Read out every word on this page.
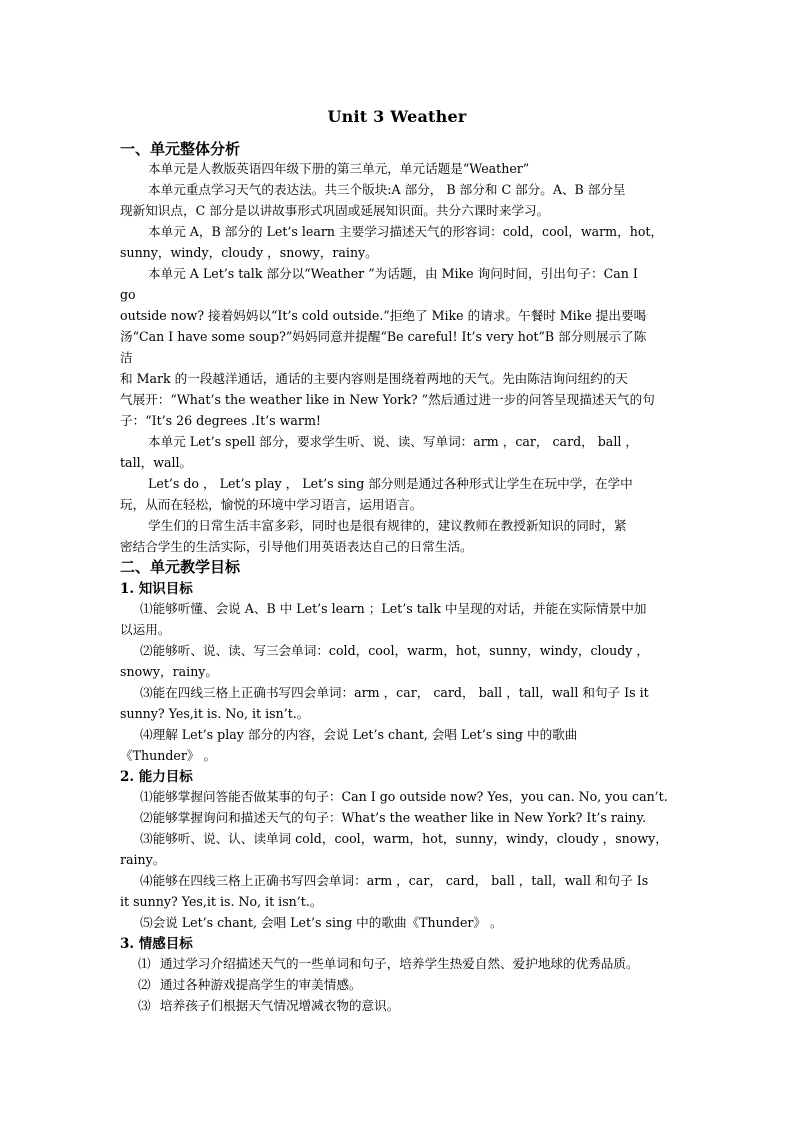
Unit 3 Weather
一、单元整体分析
本单元是人教版英语四年级下册的第三单元，单元话题是“Weather”
本单元重点学习天气的表达法。共三个版块:A 部分， B 部分和 C 部分。A、B 部分呈
现新知识点，C 部分是以讲故事形式巩固或延展知识面。共分六课时来学习。
本单元 A，B 部分的 Let’s learn 主要学习描述天气的形容词：cold，cool，warm，hot，
sunny，windy，cloudy ，snowy，rainy。
本单元 A Let’s talk 部分以“Weather ”为话题，由 Mike 询问时间，引出句子：Can I
go
outside now? 接着妈妈以“It’s cold outside.”拒绝了 Mike 的请求。午餐时 Mike 提出要喝
汤“Can I have some soup?”妈妈同意并提醒“Be careful! It’s very hot”B 部分则展示了陈
洁
和 Mark 的一段越洋通话，通话的主要内容则是围绕着两地的天气。先由陈洁询问纽约的天
气展开：“What’s the weather like in New York? ”然后通过进一步的问答呈现描述天气的句
子：“It’s 26 degrees .It’s warm!
本单元 Let’s spell 部分，要求学生听、说、读、写单词：arm ，car， card， ball ，
tall，wall。
Let’s do ， Let’s play ， Let’s sing 部分则是通过各种形式让学生在玩中学，在学中
玩，从而在轻松，愉悦的环境中学习语言，运用语言。
学生们的日常生活丰富多彩，同时也是很有规律的，建议教师在教授新知识的同时，紧
密结合学生的生活实际，引导他们用英语表达自己的日常生活。
二、单元教学目标
1. 知识目标
⑴能够听懂、会说 A、B 中 Let’s learn ；Let’s talk 中呈现的对话，并能在实际情景中加
以运用。
⑵能够听、说、读、写三会单词：cold，cool，warm，hot，sunny，windy，cloudy ，
snowy，rainy。
⑶能在四线三格上正确书写四会单词：arm ，car， card， ball ，tall，wall 和句子 Is it
sunny? Yes,it is. No, it isn’t.。
⑷理解 Let’s play 部分的内容，会说 Let’s chant, 会唱 Let’s sing 中的歌曲
《Thunder》 。
2. 能力目标
⑴能够掌握问答能否做某事的句子：Can I go outside now? Yes，you can. No, you can’t.
⑵能够掌握询问和描述天气的句子：What’s the weather like in New York? It’s rainy.
⑶能够听、说、认、读单词 cold，cool，warm，hot，sunny，windy，cloudy ，snowy，
rainy。
⑷能够在四线三格上正确书写四会单词：arm ，car， card， ball ，tall，wall 和句子 Is
it sunny? Yes,it is. No, it isn’t.。
⑸会说 Let’s chant, 会唱 Let’s sing 中的歌曲《Thunder》 。
3. 情感目标
⑴ 通过学习介绍描述天气的一些单词和句子，培养学生热爱自然、爱护地球的优秀品质。
⑵ 通过各种游戏提高学生的审美情感。
⑶ 培养孩子们根据天气情况增减衣物的意识。
